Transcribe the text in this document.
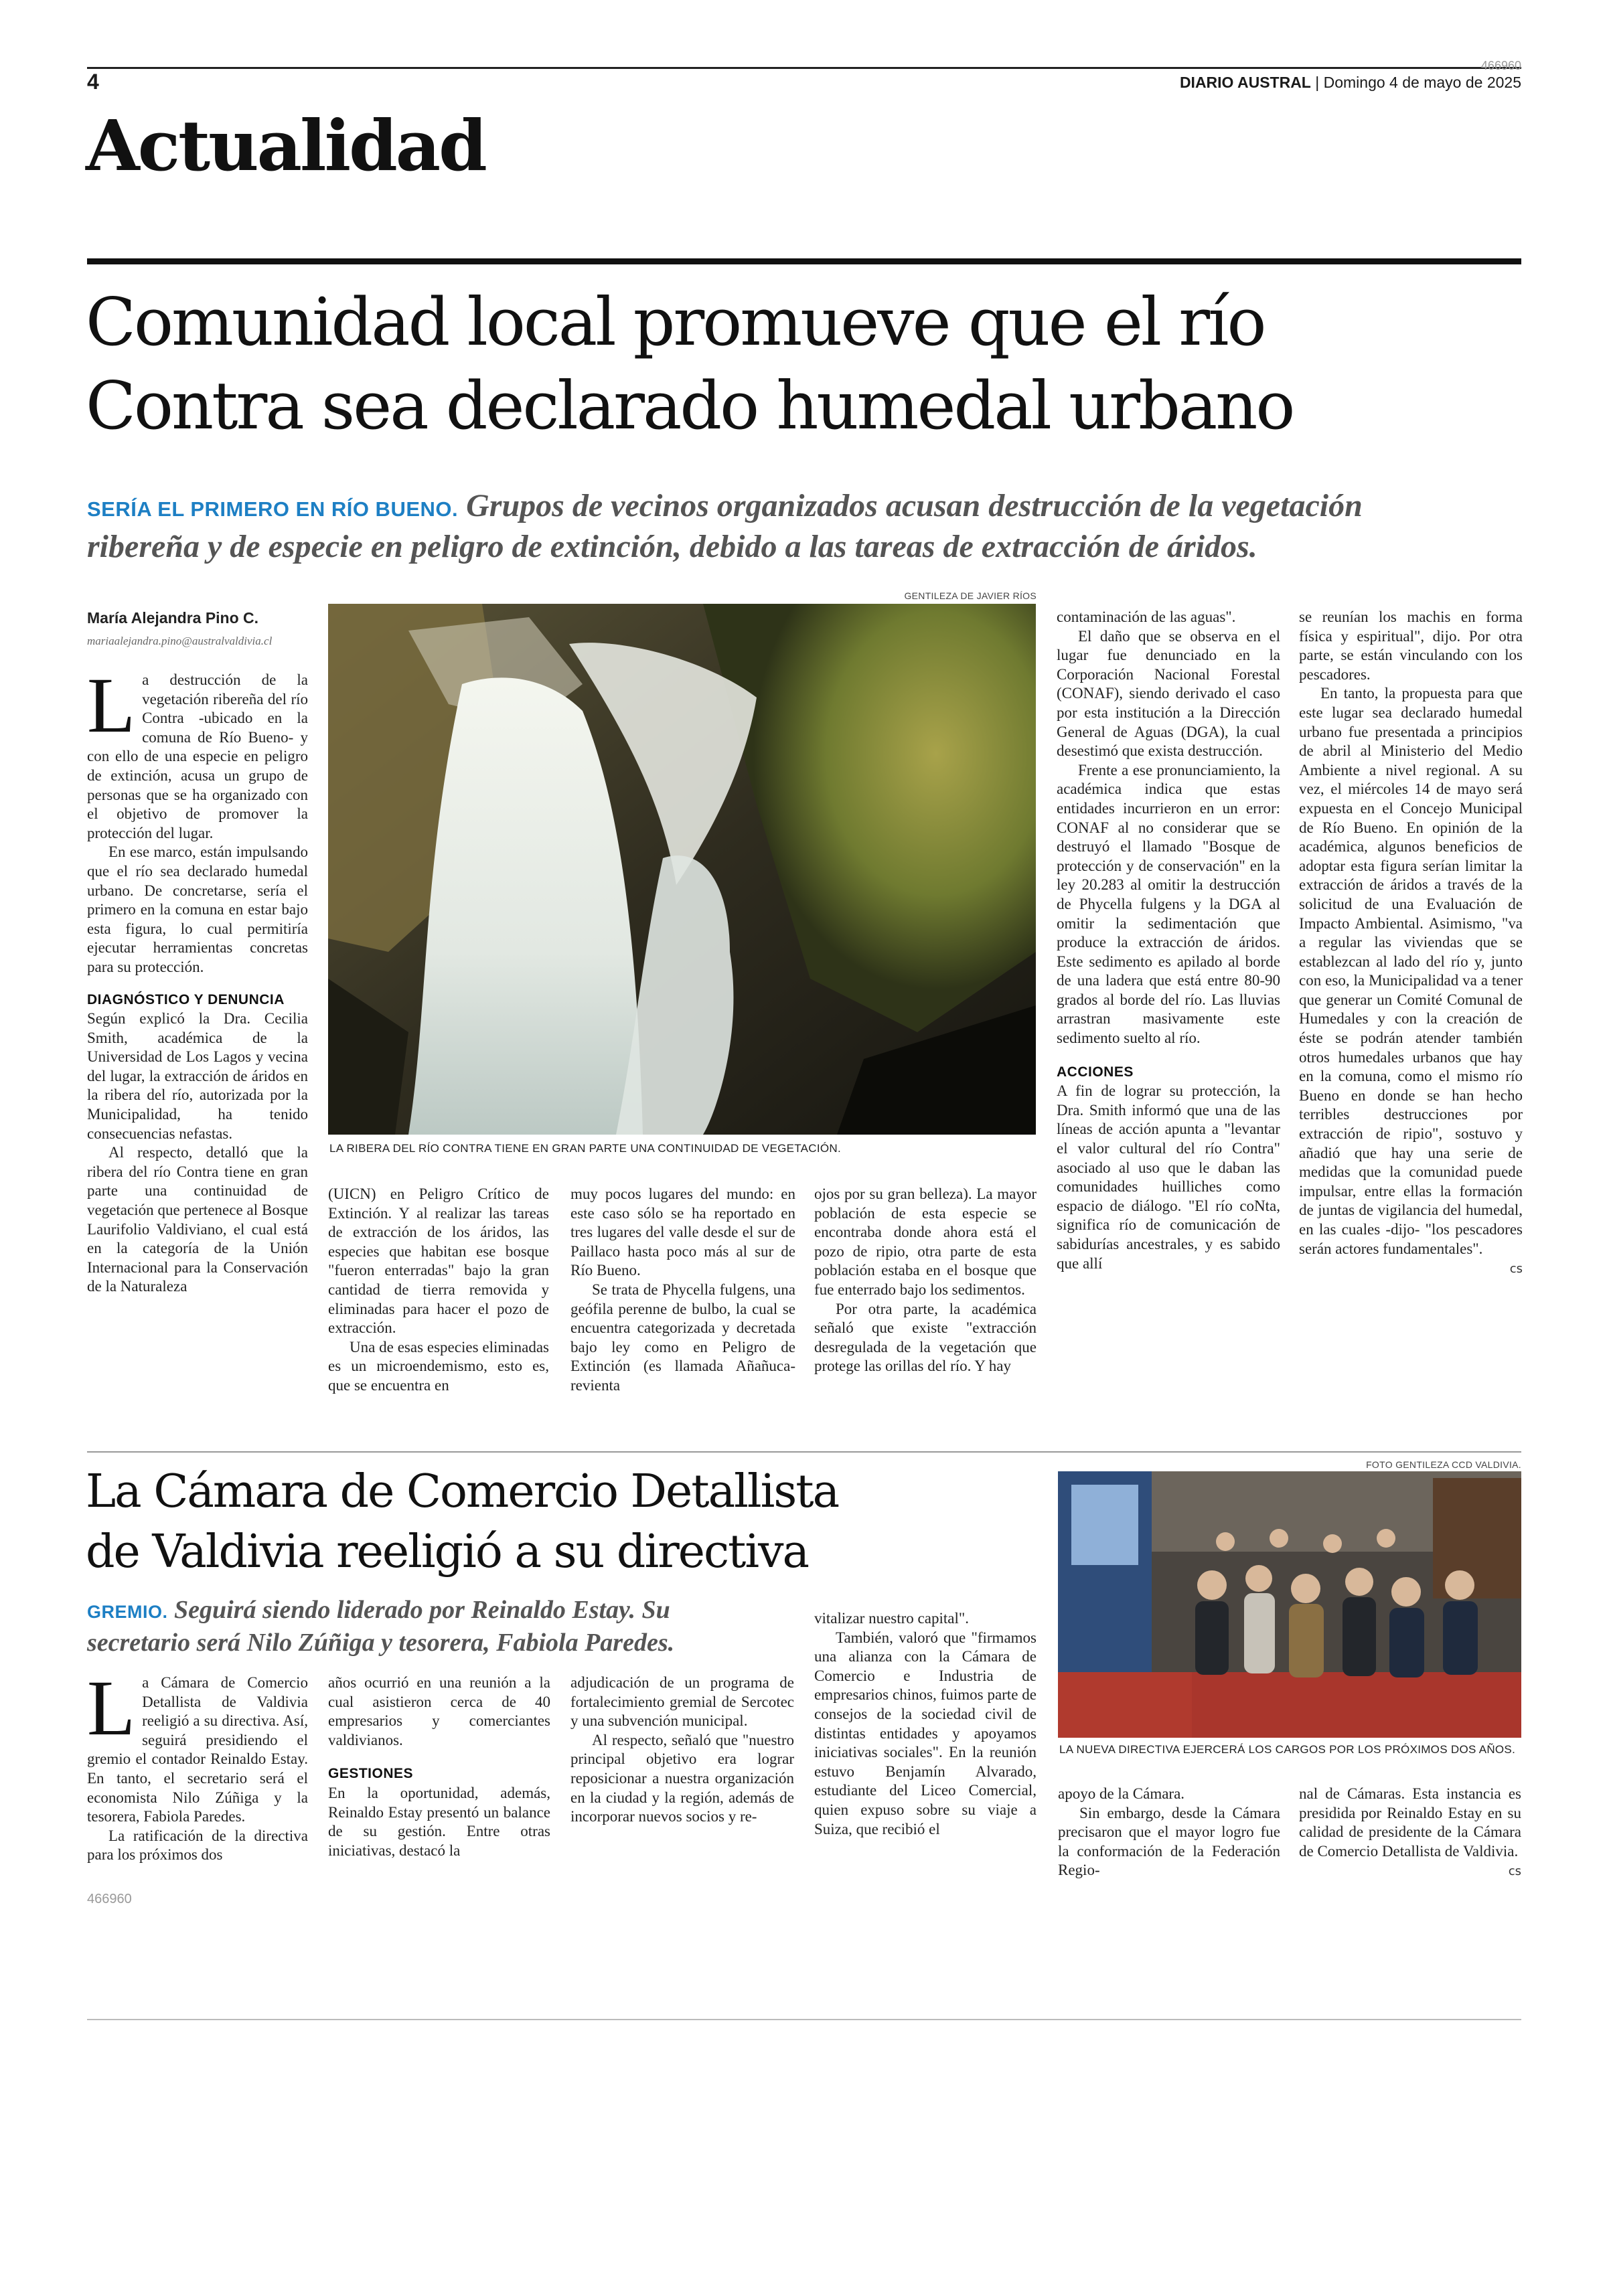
4
466960
DIARIO AUSTRAL | Domingo 4 de mayo de 2025
Actualidad
Comunidad local promueve que el río
Contra sea declarado humedal urbano
SERÍA EL PRIMERO EN RÍO BUENO. Grupos de vecinos organizados acusan destrucción de la vegetación
ribereña y de especie en peligro de extinción, debido a las tareas de extracción de áridos.
María Alejandra Pino C.
mariaalejandra.pino@australvaldivia.cl
GENTILEZA DE JAVIER RÍOS
LA RIBERA DEL RÍO CONTRA TIENE EN GRAN PARTE UNA CONTINUIDAD DE VEGETACIÓN.

La destrucción de la vegetación ribereña del río Contra -ubicado en la comuna de Río Bueno- y con ello de una especie en peligro de extinción, acusa un grupo de personas que se ha organizado con el objetivo de promover la protección del lugar.

En ese marco, están impulsando que el río sea declarado humedal urbano. De concretarse, sería el primero en la comuna en estar bajo esta figura, lo cual permitiría ejecutar herramientas concretas para su protección.

DIAGNÓSTICO Y DENUNCIA

Según explicó la Dra. Cecilia Smith, académica de la Universidad de Los Lagos y vecina del lugar, la extracción de áridos en la ribera del río, autorizada por la Municipalidad, ha tenido consecuencias nefastas.

Al respecto, detalló que la ribera del río Contra tiene en gran parte una continuidad de vegetación que pertenece al Bosque Laurifolio Valdiviano, el cual está en la categoría de la Unión Internacional para la Conservación de la Naturaleza

(UICN) en Peligro Crítico de Extinción. Y al realizar las tareas de extracción de los áridos, las especies que habitan ese bosque "fueron enterradas" bajo la gran cantidad de tierra removida y eliminadas para hacer el pozo de extracción.

Una de esas especies eliminadas es un microendemismo, esto es, que se encuentra en

muy pocos lugares del mundo: en este caso sólo se ha reportado en tres lugares del valle desde el sur de Paillaco hasta poco más al sur de Río Bueno.

Se trata de Phycella fulgens, una geófila perenne de bulbo, la cual se encuentra categorizada y decretada bajo ley como en Peligro de Extinción (es llamada Añañuca-revienta

ojos por su gran belleza). La mayor población de esta especie se encontraba donde ahora está el pozo de ripio, otra parte de esta población estaba en el bosque que fue enterrado bajo los sedimentos.

Por otra parte, la académica señaló que existe "extracción desregulada de la vegetación que protege las orillas del río. Y hay

contaminación de las aguas".

El daño que se observa en el lugar fue denunciado en la Corporación Nacional Forestal (CONAF), siendo derivado el caso por esta institución a la Dirección General de Aguas (DGA), la cual desestimó que exista destrucción.

Frente a ese pronunciamiento, la académica indica que estas entidades incurrieron en un error: CONAF al no considerar que se destruyó el llamado "Bosque de protección y de conservación" en la ley 20.283 al omitir la destrucción de Phycella fulgens y la DGA al omitir la sedimentación que produce la extracción de áridos. Este sedimento es apilado al borde de una ladera que está entre 80-90 grados al borde del río. Las lluvias arrastran masivamente este sedimento suelto al río.

ACCIONES

A fin de lograr su protección, la Dra. Smith informó que una de las líneas de acción apunta a "levantar el valor cultural del río Contra" asociado al uso que le daban las comunidades huilliches como espacio de diálogo. "El río coNta, significa río de comunicación de sabidurías ancestrales, y es sabido que allí

se reunían los machis en forma física y espiritual", dijo. Por otra parte, se están vinculando con los pescadores.

En tanto, la propuesta para que este lugar sea declarado humedal urbano fue presentada a principios de abril al Ministerio del Medio Ambiente a nivel regional. A su vez, el miércoles 14 de mayo será expuesta en el Concejo Municipal de Río Bueno. En opinión de la académica, algunos beneficios de adoptar esta figura serían limitar la extracción de áridos a través de la solicitud de una Evaluación de Impacto Ambiental. Asimismo, "va a regular las viviendas que se establezcan al lado del río y, junto con eso, la Municipalidad va a tener que generar un Comité Comunal de Humedales y con la creación de éste se podrán atender también otros humedales urbanos que hay en la comuna, como el mismo río Bueno en donde se han hecho terribles destrucciones por extracción de ripio", sostuvo y añadió que hay una serie de medidas que la comunidad puede impulsar, entre ellas la formación de juntas de vigilancia del humedal, en las cuales -dijo- "los pescadores serán actores fundamentales".

cs
La Cámara de Comercio Detallista
de Valdivia reeligió a su directiva
GREMIO. Seguirá siendo liderado por Reinaldo Estay. Su
secretario será Nilo Zúñiga y tesorera, Fabiola Paredes.
FOTO GENTILEZA CCD VALDIVIA.
LA NUEVA DIRECTIVA EJERCERÁ LOS CARGOS POR LOS PRÓXIMOS DOS AÑOS.

La Cámara de Comercio Detallista de Valdivia reeligió a su directiva. Así, seguirá presidiendo el gremio el contador Reinaldo Estay. En tanto, el secretario será el economista Nilo Zúñiga y la tesorera, Fabiola Paredes.

La ratificación de la directiva para los próximos dos

años ocurrió en una reunión a la cual asistieron cerca de 40 empresarios y comerciantes valdivianos.

GESTIONES

En la oportunidad, además, Reinaldo Estay presentó un balance de su gestión. Entre otras iniciativas, destacó la

adjudicación de un programa de fortalecimiento gremial de Sercotec y una subvención municipal.

Al respecto, señaló que "nuestro principal objetivo era lograr reposicionar a nuestra organización en la ciudad y la región, además de incorporar nuevos socios y re-

vitalizar nuestro capital".

También, valoró que "firmamos una alianza con la Cámara de Comercio e Industria de empresarios chinos, fuimos parte de consejos de la sociedad civil de distintas entidades y apoyamos iniciativas sociales". En la reunión estuvo Benjamín Alvarado, estudiante del Liceo Comercial, quien expuso sobre su viaje a Suiza, que recibió el

apoyo de la Cámara.

Sin embargo, desde la Cámara precisaron que el mayor logro fue la conformación de la Federación Regio-

nal de Cámaras. Esta instancia es presidida por Reinaldo Estay en su calidad de presidente de la Cámara de Comercio Detallista de Valdivia.

cs
466960
